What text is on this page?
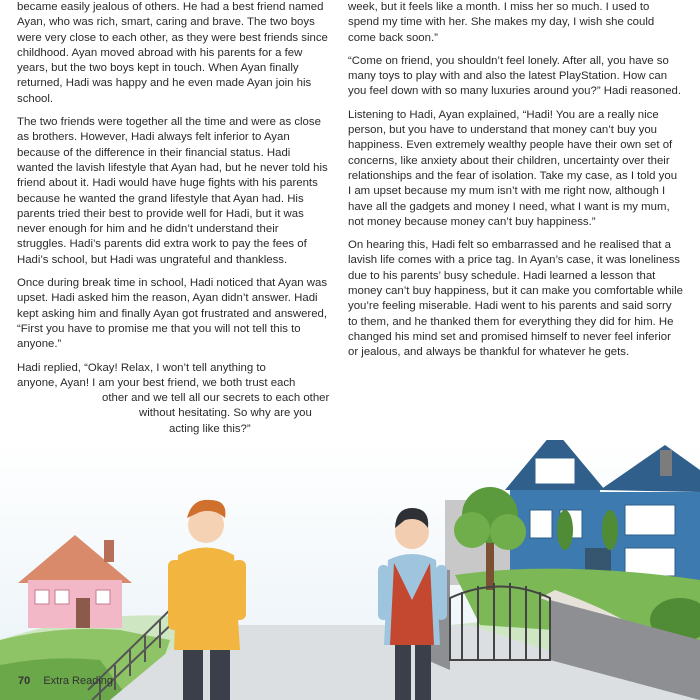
became easily jealous of others. He had a best friend named Ayan, who was rich, smart, caring and brave. The two boys were very close to each other, as they were best friends since childhood. Ayan moved abroad with his parents for a few years, but the two boys kept in touch. When Ayan finally returned, Hadi was happy and he even made Ayan join his school.

The two friends were together all the time and were as close as brothers. However, Hadi always felt inferior to Ayan because of the difference in their financial status. Hadi wanted the lavish lifestyle that Ayan had, but he never told his friend about it. Hadi would have huge fights with his parents because he wanted the grand lifestyle that Ayan had. His parents tried their best to provide well for Hadi, but it was never enough for him and he didn’t understand their struggles. Hadi’s parents did extra work to pay the fees of Hadi’s school, but Hadi was ungrateful and thankless.

Once during break time in school, Hadi noticed that Ayan was upset. Hadi asked him the reason, Ayan didn’t answer. Hadi kept asking him and finally Ayan got frustrated and answered, “First you have to promise me that you will not tell this to anyone.”

Hadi replied, “Okay! Relax, I won’t tell anything to
anyone, Ayan! I am your best friend, we both trust each
other and we tell all our secrets to each other
without hesitating. So why are you
acting like this?”

week, but it feels like a month. I miss her so much. I used to spend my time with her. She makes my day, I wish she could come back soon.”

“Come on friend, you shouldn’t feel lonely. After all, you have so many toys to play with and also the latest PlayStation. How can you feel down with so many luxuries around you?” Hadi reasoned.

Listening to Hadi, Ayan explained, “Hadi! You are a really nice person, but you have to understand that money can’t buy you happiness. Even extremely wealthy people have their own set of concerns, like anxiety about their children, uncertainty over their relationships and the fear of isolation. Take my case, as I told you I am upset because my mum isn’t with me right now, although I have all the gadgets and money I need, what I want is my mum, not money because money can’t buy happiness.”

On hearing this, Hadi felt so embarrassed and he realised that a lavish life comes with a price tag. In Ayan’s case, it was loneliness due to his parents’ busy schedule. Hadi learned a lesson that money can’t buy happiness, but it can make you comfortable while you’re feeling miserable. Hadi went to his parents and said sorry to them, and he thanked them for everything they did for him. He changed his mind set and promised himself to never feel inferior or jealous, and always be thankful for whatever he gets.

70 Extra Reading
